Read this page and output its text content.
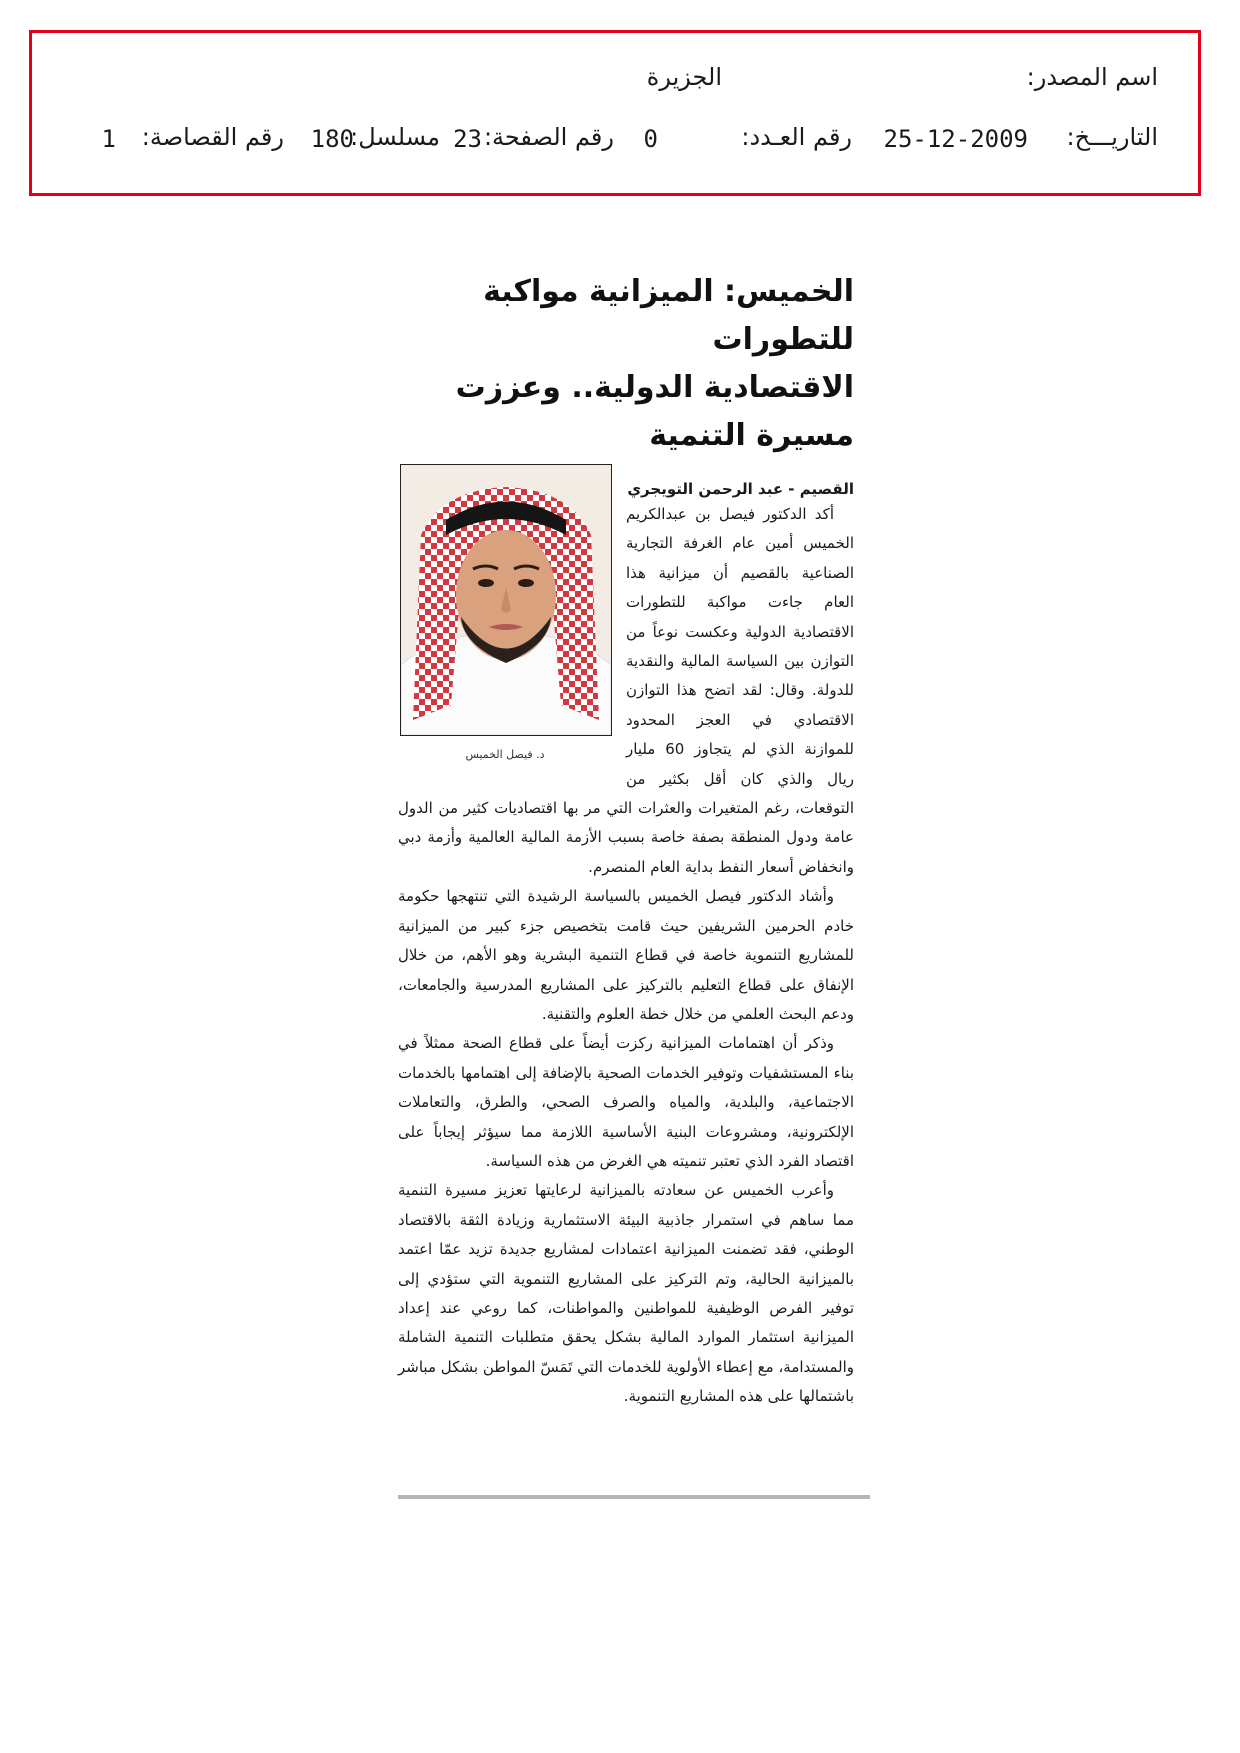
اسم المصدر:
الجزيرة
التاريـــخ:
25-12-2009
رقم العـدد:
0
رقم الصفحة:
23
مسلسل:
180
رقم القصاصة:
1
الخميس: الميزانية مواكبة للتطورات
الاقتصادية الدولية.. وعززت مسيرة التنمية
د. فيصل الخميس
القصيم - عبد الرحمن التويجري

أكد الدكتور فيصل بن عبدالكريم الخميس أمين عام الغرفة التجارية الصناعية بالقصيم أن ميزانية هذا العام جاءت مواكبة للتطورات الاقتصادية الدولية وعكست نوعاً من التوازن بين السياسة المالية والنقدية للدولة. وقال: لقد اتضح هذا التوازن الاقتصادي في العجز المحدود للموازنة الذي لم يتجاوز 60 مليار ريال والذي كان أقل بكثير من التوقعات، رغم المتغيرات والعثرات التي مر بها اقتصاديات كثير من الدول عامة ودول المنطقة بصفة خاصة بسبب الأزمة المالية العالمية وأزمة دبي وانخفاض أسعار النفط بداية العام المنصرم.

وأشاد الدكتور فيصل الخميس بالسياسة الرشيدة التي تنتهجها حكومة خادم الحرمين الشريفين حيث قامت بتخصيص جزء كبير من الميزانية للمشاريع التنموية خاصة في قطاع التنمية البشرية وهو الأهم، من خلال الإنفاق على قطاع التعليم بالتركيز على المشاريع المدرسية والجامعات، ودعم البحث العلمي من خلال خطة العلوم والتقنية.

وذكر أن اهتمامات الميزانية ركزت أيضاً على قطاع الصحة ممثلاً في بناء المستشفيات وتوفير الخدمات الصحية بالإضافة إلى اهتمامها بالخدمات الاجتماعية، والبلدية، والمياه والصرف الصحي، والطرق، والتعاملات الإلكترونية، ومشروعات البنية الأساسية اللازمة مما سيؤثر إيجاباً على اقتصاد الفرد الذي تعتبر تنميته هي الغرض من هذه السياسة.

وأعرب الخميس عن سعادته بالميزانية لرعايتها تعزيز مسيرة التنمية مما ساهم في استمرار جاذبية البيئة الاستثمارية وزيادة الثقة بالاقتصاد الوطني، فقد تضمنت الميزانية اعتمادات لمشاريع جديدة تزيد عمّا اعتمد بالميزانية الحالية، وتم التركيز على المشاريع التنموية التي ستؤدي إلى توفير الفرص الوظيفية للمواطنين والمواطنات، كما روعي عند إعداد الميزانية استثمار الموارد المالية بشكل يحقق متطلبات التنمية الشاملة والمستدامة، مع إعطاء الأولوية للخدمات التي تَمَسّ المواطن بشكل مباشر باشتمالها على هذه المشاريع التنموية.
